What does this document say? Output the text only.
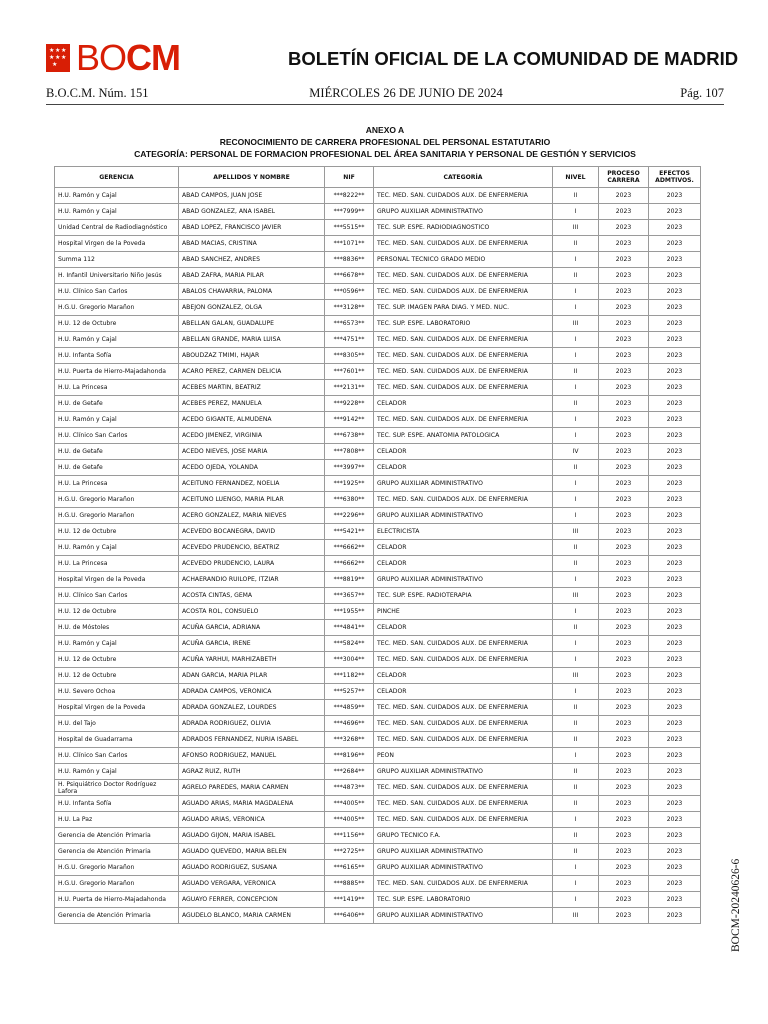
★ ★ ★
★ ★ ★
★ BOCM	BOLETÍN OFICIAL DE LA COMUNIDAD DE MADRID
B.O.C.M. Núm. 151	MIÉRCOLES 26 DE JUNIO DE 2024	Pág. 107
ANEXO A
RECONOCIMIENTO DE CARRERA PROFESIONAL DEL PERSONAL ESTATUTARIO
CATEGORÍA: PERSONAL DE FORMACION PROFESIONAL DEL ÁREA SANITARIA Y PERSONAL DE GESTIÓN Y SERVICIOS
GERENCIA	APELLIDOS Y NOMBRE	NIF	CATEGORÍA	NIVEL	PROCESO CARRERA	EFECTOS ADMTIVOS.
H.U. Ramón y Cajal	ABAD CAMPOS, JUAN JOSE	***8222**	TEC. MED. SAN. CUIDADOS AUX. DE ENFERMERIA	II	2023	2023
H.U. Ramón y Cajal	ABAD GONZALEZ, ANA ISABEL	***7999**	GRUPO AUXILIAR ADMINISTRATIVO	I	2023	2023
Unidad Central de Radiodiagnóstico	ABAD LOPEZ, FRANCISCO JAVIER	***5515**	TEC. SUP. ESPE. RADIODIAGNOSTICO	III	2023	2023
Hospital Virgen de la Poveda	ABAD MACIAS, CRISTINA	***1071**	TEC. MED. SAN. CUIDADOS AUX. DE ENFERMERIA	II	2023	2023
Summa 112	ABAD SANCHEZ, ANDRES	***8836**	PERSONAL TECNICO GRADO MEDIO	I	2023	2023
H. Infantil Universitario Niño Jesús	ABAD ZAFRA, MARIA PILAR	***6678**	TEC. MED. SAN. CUIDADOS AUX. DE ENFERMERIA	II	2023	2023
H.U. Clínico San Carlos	ABALOS CHAVARRIA, PALOMA	***0596**	TEC. MED. SAN. CUIDADOS AUX. DE ENFERMERIA	I	2023	2023
H.G.U. Gregorio Marañon	ABEJON GONZALEZ, OLGA	***3128**	TEC. SUP. IMAGEN PARA DIAG. Y MED. NUC.	I	2023	2023
H.U. 12 de Octubre	ABELLAN GALAN, GUADALUPE	***6573**	TEC. SUP. ESPE. LABORATORIO	III	2023	2023
H.U. Ramón y Cajal	ABELLAN GRANDE, MARIA LUISA	***4751**	TEC. MED. SAN. CUIDADOS AUX. DE ENFERMERIA	I	2023	2023
H.U. Infanta Sofía	ABOUDZAZ TMIMI, HAJAR	***8305**	TEC. MED. SAN. CUIDADOS AUX. DE ENFERMERIA	I	2023	2023
H.U. Puerta de Hierro-Majadahonda	ACARO PEREZ, CARMEN DELICIA	***7601**	TEC. MED. SAN. CUIDADOS AUX. DE ENFERMERIA	II	2023	2023
H.U. La Princesa	ACEBES MARTIN, BEATRIZ	***2131**	TEC. MED. SAN. CUIDADOS AUX. DE ENFERMERIA	I	2023	2023
H.U. de Getafe	ACEBES PEREZ, MANUELA	***9228**	CELADOR	II	2023	2023
H.U. Ramón y Cajal	ACEDO GIGANTE, ALMUDENA	***9142**	TEC. MED. SAN. CUIDADOS AUX. DE ENFERMERIA	I	2023	2023
H.U. Clínico San Carlos	ACEDO JIMENEZ, VIRGINIA	***6738**	TEC. SUP. ESPE. ANATOMIA PATOLOGICA	I	2023	2023
H.U. de Getafe	ACEDO NIEVES, JOSE MARIA	***7808**	CELADOR	IV	2023	2023
H.U. de Getafe	ACEDO OJEDA, YOLANDA	***3997**	CELADOR	II	2023	2023
H.U. La Princesa	ACEITUNO FERNANDEZ, NOELIA	***1925**	GRUPO AUXILIAR ADMINISTRATIVO	I	2023	2023
H.G.U. Gregorio Marañon	ACEITUNO LUENGO, MARIA PILAR	***6380**	TEC. MED. SAN. CUIDADOS AUX. DE ENFERMERIA	I	2023	2023
H.G.U. Gregorio Marañon	ACERO GONZALEZ, MARIA NIEVES	***2296**	GRUPO AUXILIAR ADMINISTRATIVO	I	2023	2023
H.U. 12 de Octubre	ACEVEDO BOCANEGRA, DAVID	***5421**	ELECTRICISTA	III	2023	2023
H.U. Ramón y Cajal	ACEVEDO PRUDENCIO, BEATRIZ	***6662**	CELADOR	II	2023	2023
H.U. La Princesa	ACEVEDO PRUDENCIO, LAURA	***6662**	CELADOR	II	2023	2023
Hospital Virgen de la Poveda	ACHAERANDIO RUILOPE, ITZIAR	***8819**	GRUPO AUXILIAR ADMINISTRATIVO	I	2023	2023
H.U. Clínico San Carlos	ACOSTA CINTAS, GEMA	***3657**	TEC. SUP. ESPE. RADIOTERAPIA	III	2023	2023
H.U. 12 de Octubre	ACOSTA ROL, CONSUELO	***1955**	PINCHE	I	2023	2023
H.U. de Móstoles	ACUÑA GARCIA, ADRIANA	***4841**	CELADOR	II	2023	2023
H.U. Ramón y Cajal	ACUÑA GARCIA, IRENE	***5824**	TEC. MED. SAN. CUIDADOS AUX. DE ENFERMERIA	I	2023	2023
H.U. 12 de Octubre	ACUÑA YARHUI, MARHIZABETH	***3004**	TEC. MED. SAN. CUIDADOS AUX. DE ENFERMERIA	I	2023	2023
H.U. 12 de Octubre	ADAN GARCIA, MARIA PILAR	***1182**	CELADOR	III	2023	2023
H.U. Severo Ochoa	ADRADA CAMPOS, VERONICA	***5257**	CELADOR	I	2023	2023
Hospital Virgen de la Poveda	ADRADA GONZALEZ, LOURDES	***4859**	TEC. MED. SAN. CUIDADOS AUX. DE ENFERMERIA	II	2023	2023
H.U. del Tajo	ADRADA RODRIGUEZ, OLIVIA	***4696**	TEC. MED. SAN. CUIDADOS AUX. DE ENFERMERIA	II	2023	2023
Hospital de Guadarrama	ADRADOS FERNANDEZ, NURIA ISABEL	***3268**	TEC. MED. SAN. CUIDADOS AUX. DE ENFERMERIA	II	2023	2023
H.U. Clínico San Carlos	AFONSO RODRIGUEZ, MANUEL	***8196**	PEON	I	2023	2023
H.U. Ramón y Cajal	AGRAZ RUIZ, RUTH	***2684**	GRUPO AUXILIAR ADMINISTRATIVO	II	2023	2023
H. Psiquiátrico Doctor Rodríguez Lafora	AGRELO PAREDES, MARIA CARMEN	***4873**	TEC. MED. SAN. CUIDADOS AUX. DE ENFERMERIA	II	2023	2023
H.U. Infanta Sofía	AGUADO ARIAS, MARIA MAGDALENA	***4005**	TEC. MED. SAN. CUIDADOS AUX. DE ENFERMERIA	II	2023	2023
H.U. La Paz	AGUADO ARIAS, VERONICA	***4005**	TEC. MED. SAN. CUIDADOS AUX. DE ENFERMERIA	I	2023	2023
Gerencia de Atención Primaria	AGUADO GIJON, MARIA ISABEL	***1156**	GRUPO TECNICO F.A.	II	2023	2023
Gerencia de Atención Primaria	AGUADO QUEVEDO, MARIA BELEN	***2725**	GRUPO AUXILIAR ADMINISTRATIVO	II	2023	2023
H.G.U. Gregorio Marañon	AGUADO RODRIGUEZ, SUSANA	***6165**	GRUPO AUXILIAR ADMINISTRATIVO	I	2023	2023
H.G.U. Gregorio Marañon	AGUADO VERGARA, VERONICA	***8885**	TEC. MED. SAN. CUIDADOS AUX. DE ENFERMERIA	I	2023	2023
H.U. Puerta de Hierro-Majadahonda	AGUAYO FERRER, CONCEPCION	***1419**	TEC. SUP. ESPE. LABORATORIO	I	2023	2023
Gerencia de Atención Primaria	AGUDELO BLANCO, MARIA CARMEN	***6406**	GRUPO AUXILIAR ADMINISTRATIVO	III	2023	2023	BOCM-20240626-6
